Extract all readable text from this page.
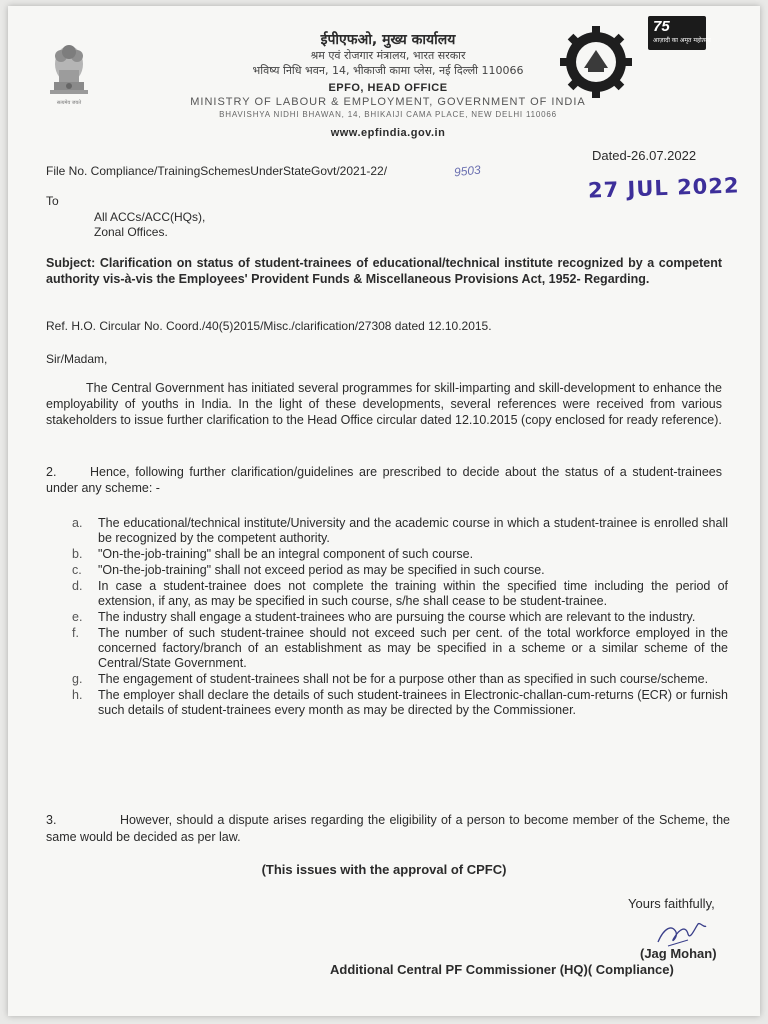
सत्यमेव जयते
ईपीएफओ, मुख्य कार्यालय
श्रम एवं रोजगार मंत्रालय, भारत सरकार
भविष्य निधि भवन, 14, भीकाजी कामा प्लेस, नई दिल्ली 110066
EPFO, HEAD OFFICE
MINISTRY OF LABOUR & EMPLOYMENT, GOVERNMENT OF INDIA
BHAVISHYA NIDHI BHAWAN, 14, BHIKAIJI CAMA PLACE, NEW DELHI 110066
www.epfindia.gov.in
75
आज़ादी का अमृत महोत्सव
File No. Compliance/TrainingSchemesUnderStateGovt/2021-22/	9503
Dated-26.07.2022
27 JUL 2022
To
All ACCs/ACC(HQs),
Zonal Offices.
Subject: Clarification on status of student-trainees of educational/technical institute recognized by a competent authority vis-à-vis the Employees' Provident Funds & Miscellaneous Provisions Act, 1952- Regarding.
Ref. H.O. Circular No. Coord./40(5)2015/Misc./clarification/27308 dated 12.10.2015.
Sir/Madam,
The Central Government has initiated several programmes for skill-imparting and skill-development to enhance the employability of youths in India. In the light of these developments, several references were received from various stakeholders to issue further clarification to the Head Office circular dated 12.10.2015 (copy enclosed for ready reference).
2.	Hence, following further clarification/guidelines are prescribed to decide about the status of a student-trainees under any scheme: -
a.	The educational/technical institute/University and the academic course in which a student-trainee is enrolled shall be recognized by the competent authority.
b.	"On-the-job-training" shall be an integral component of such course.
c.	"On-the-job-training" shall not exceed period as may be specified in such course.
d.	In case a student-trainee does not complete the training within the specified time including the period of extension, if any, as may be specified in such course, s/he shall cease to be student-trainee.
e.	The industry shall engage a student-trainees who are pursuing the course which are relevant to the industry.
f.	The number of such student-trainee should not exceed such per cent. of the total workforce employed in the concerned factory/branch of an establishment as may be specified in a scheme or a similar scheme of the Central/State Government.
g.	The engagement of student-trainees shall not be for a purpose other than as specified in such course/scheme.
h.	The employer shall declare the details of such student-trainees in Electronic-challan-cum-returns (ECR) or furnish such details of student-trainees every month as may be directed by the Commissioner.
3.	However, should a dispute arises regarding the eligibility of a person to become member of the Scheme, the same would be decided as per law.
(This issues with the approval of CPFC)
Yours faithfully,
(Jag Mohan)
Additional Central PF Commissioner (HQ)( Compliance)
